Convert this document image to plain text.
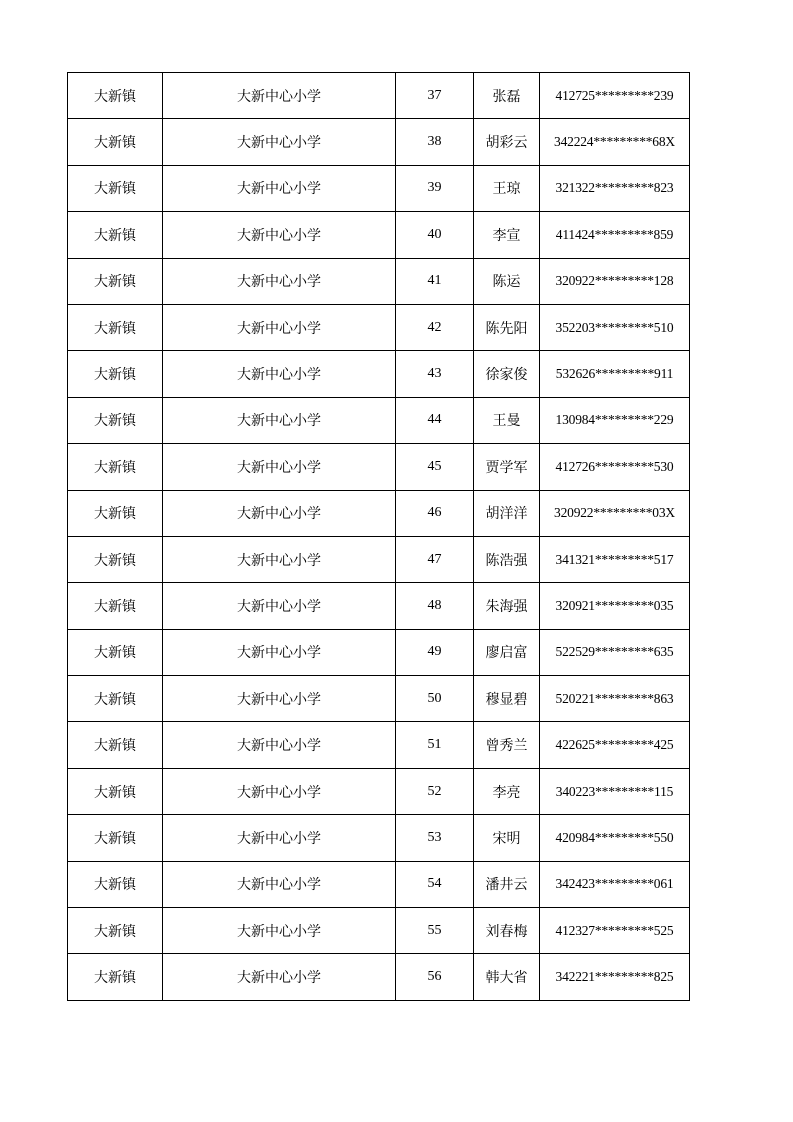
大新镇	大新中心小学	37	张磊	412725*********239
大新镇	大新中心小学	38	胡彩云	342224*********68X
大新镇	大新中心小学	39	王琼	321322*********823
大新镇	大新中心小学	40	李宣	411424*********859
大新镇	大新中心小学	41	陈运	320922*********128
大新镇	大新中心小学	42	陈先阳	352203*********510
大新镇	大新中心小学	43	徐家俊	532626*********911
大新镇	大新中心小学	44	王曼	130984*********229
大新镇	大新中心小学	45	贾学军	412726*********530
大新镇	大新中心小学	46	胡洋洋	320922*********03X
大新镇	大新中心小学	47	陈浩强	341321*********517
大新镇	大新中心小学	48	朱海强	320921*********035
大新镇	大新中心小学	49	廖启富	522529*********635
大新镇	大新中心小学	50	穆显碧	520221*********863
大新镇	大新中心小学	51	曾秀兰	422625*********425
大新镇	大新中心小学	52	李亮	340223*********115
大新镇	大新中心小学	53	宋明	420984*********550
大新镇	大新中心小学	54	潘井云	342423*********061
大新镇	大新中心小学	55	刘春梅	412327*********525
大新镇	大新中心小学	56	韩大省	342221*********825
